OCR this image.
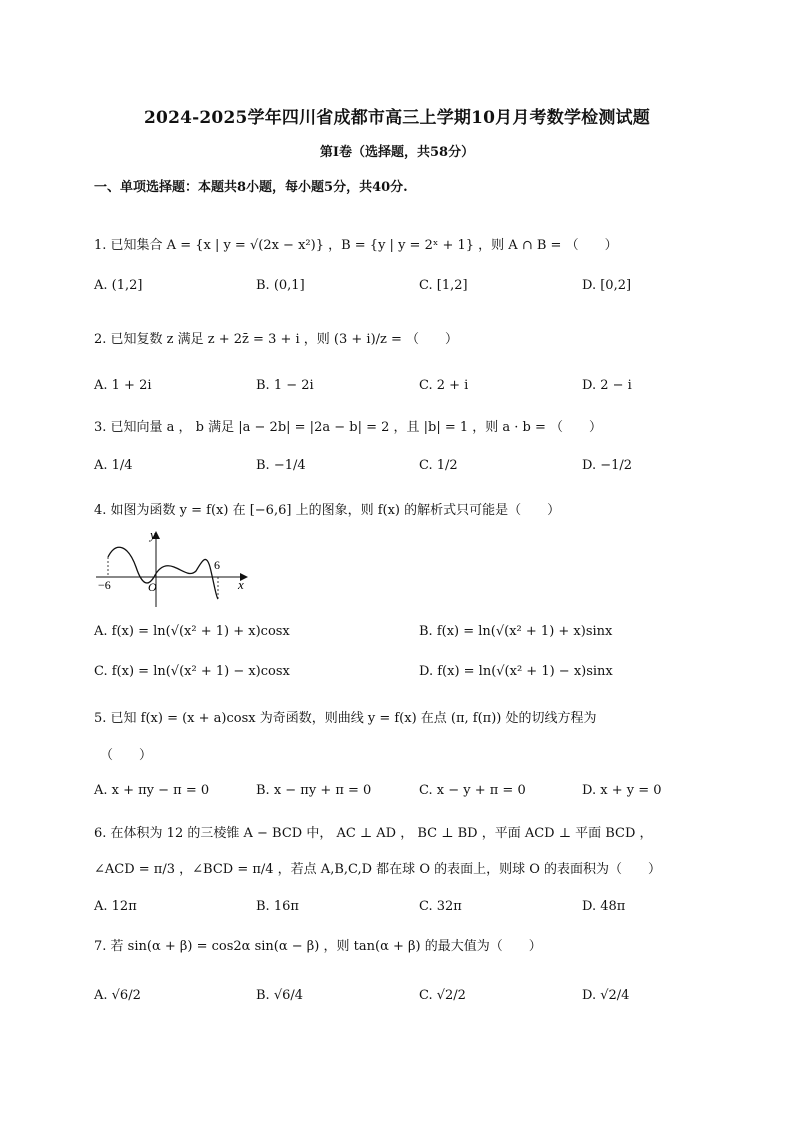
2024-2025学年四川省成都市高三上学期10月月考数学检测试题
第I卷（选择题，共58分）
一、单项选择题：本题共8小题，每小题5分，共40分.
1. 已知集合 A = {x | y = √(2x − x²)} ，B = {y | y = 2ˣ + 1} ，则 A ∩ B = （　　）
A. (1,2]	B. (0,1]	C. [1,2]	D. [0,2]
2. 已知复数 z 满足 z + 2z̄ = 3 + i ，则 (3 + i)/z = （　　）
A. 1 + 2i	B. 1 − 2i	C. 2 + i	D. 2 − i
3. 已知向量 a ， b 满足 |a − 2b| = |2a − b| = 2 ，且 |b| = 1 ，则 a · b = （　　）
A. 1/4	B. −1/4	C. 1/2	D. −1/2
4. 如图为函数 y = f(x) 在 [−6,6] 上的图象，则 f(x) 的解析式只可能是（　　）
y
x
O
−6
6
A. f(x) = ln(√(x² + 1) + x)cosx	B. f(x) = ln(√(x² + 1) + x)sinx
C. f(x) = ln(√(x² + 1) − x)cosx	D. f(x) = ln(√(x² + 1) − x)sinx
5. 已知 f(x) = (x + a)cosx 为奇函数，则曲线 y = f(x) 在点 (π, f(π)) 处的切线方程为
（　　）
A. x + πy − π = 0	B. x − πy + π = 0	C. x − y + π = 0	D. x + y = 0
6. 在体积为 12 的三棱锥 A − BCD 中， AC ⊥ AD ， BC ⊥ BD ，平面 ACD ⊥ 平面 BCD ，
∠ACD = π/3 ，∠BCD = π/4 ，若点 A,B,C,D 都在球 O 的表面上，则球 O 的表面积为（　　）
A. 12π	B. 16π	C. 32π	D. 48π
7. 若 sin(α + β) = cos2α sin(α − β) ，则 tan(α + β) 的最大值为（　　）
A. √6/2	B. √6/4	C. √2/2	D. √2/4
